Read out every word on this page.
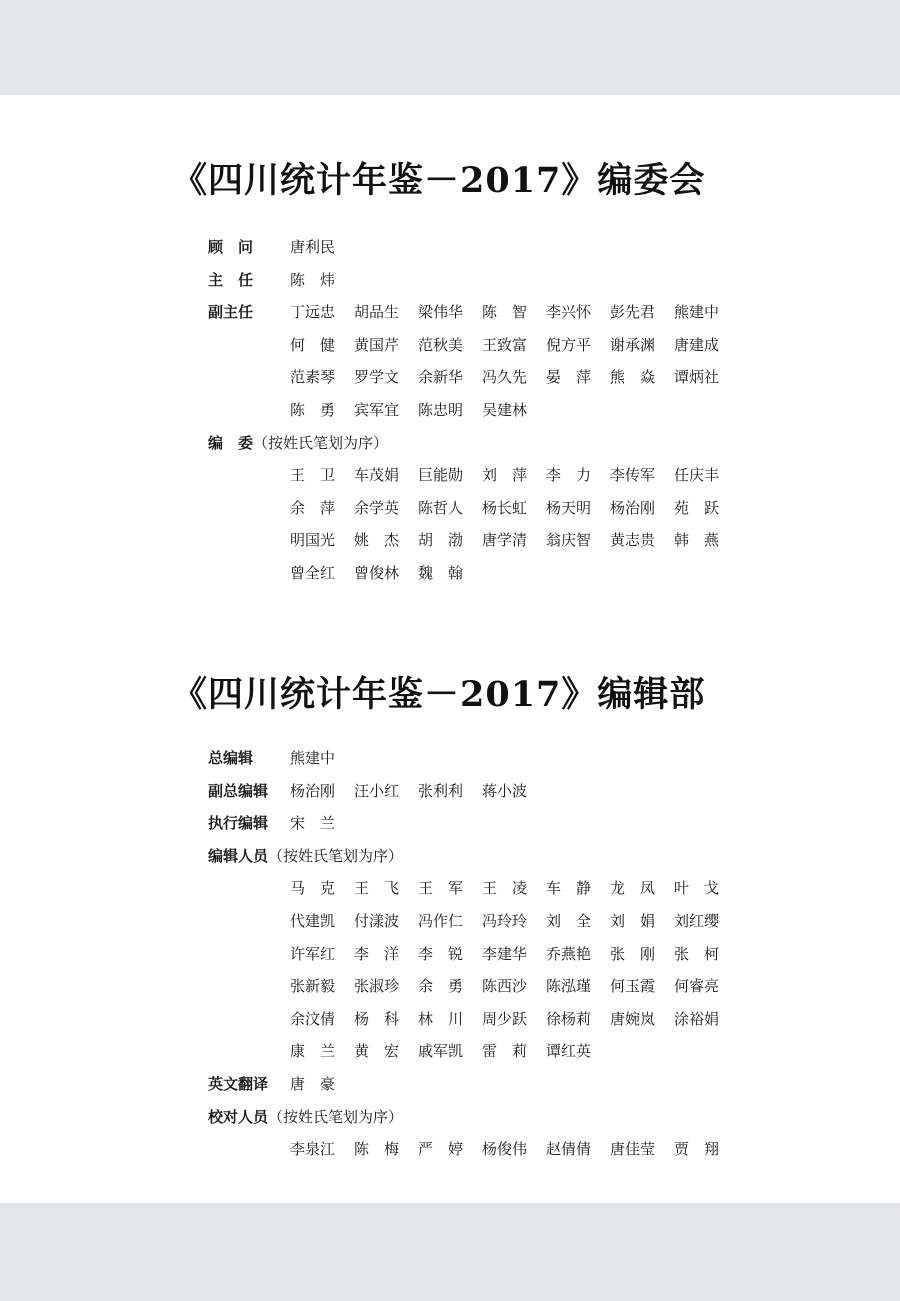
《四川统计年鉴－2017》编委会
顾　问 唐利民
主　任 陈　炜
副主任 丁远忠 胡品生 梁伟华 陈　智 李兴怀 彭先君 熊建中
何　健 黄国芹 范秋美 王致富 倪方平 谢承渊 唐建成
范素琴 罗学文 余新华 冯久先 晏　萍 熊　焱 谭炳社
陈　勇 宾军宜 陈忠明 吴建林
编　委（按姓氏笔划为序）
王　卫 车茂娟 巨能勋 刘　萍 李　力 李传军 任庆丰
余　萍 余学英 陈哲人 杨长虹 杨天明 杨治刚 苑　跃
明国光 姚　杰 胡　渤 唐学清 翁庆智 黄志贵 韩　燕
曾全红 曾俊林 魏　翰
《四川统计年鉴－2017》编辑部
总编辑 熊建中
副总编辑 杨治刚 汪小红 张利利 蒋小波
执行编辑 宋　兰
编辑人员（按姓氏笔划为序）
马　克 王　飞 王　军 王　凌 车　静 龙　凤 叶　戈
代建凯 付漾波 冯作仁 冯玲玲 刘　全 刘　娟 刘红缨
许军红 李　洋 李　锐 李建华 乔燕艳 张　刚 张　柯
张新毅 张淑珍 余　勇 陈西沙 陈泓瑾 何玉霞 何睿亮
余汶倩 杨　科 林　川 周少跃 徐杨莉 唐婉岚 涂裕娟
康　兰 黄　宏 戚军凯 雷　莉 谭红英
英文翻译 唐　豪
校对人员（按姓氏笔划为序）
李泉江 陈　梅 严　婷 杨俊伟 赵倩倩 唐佳莹 贾　翔
